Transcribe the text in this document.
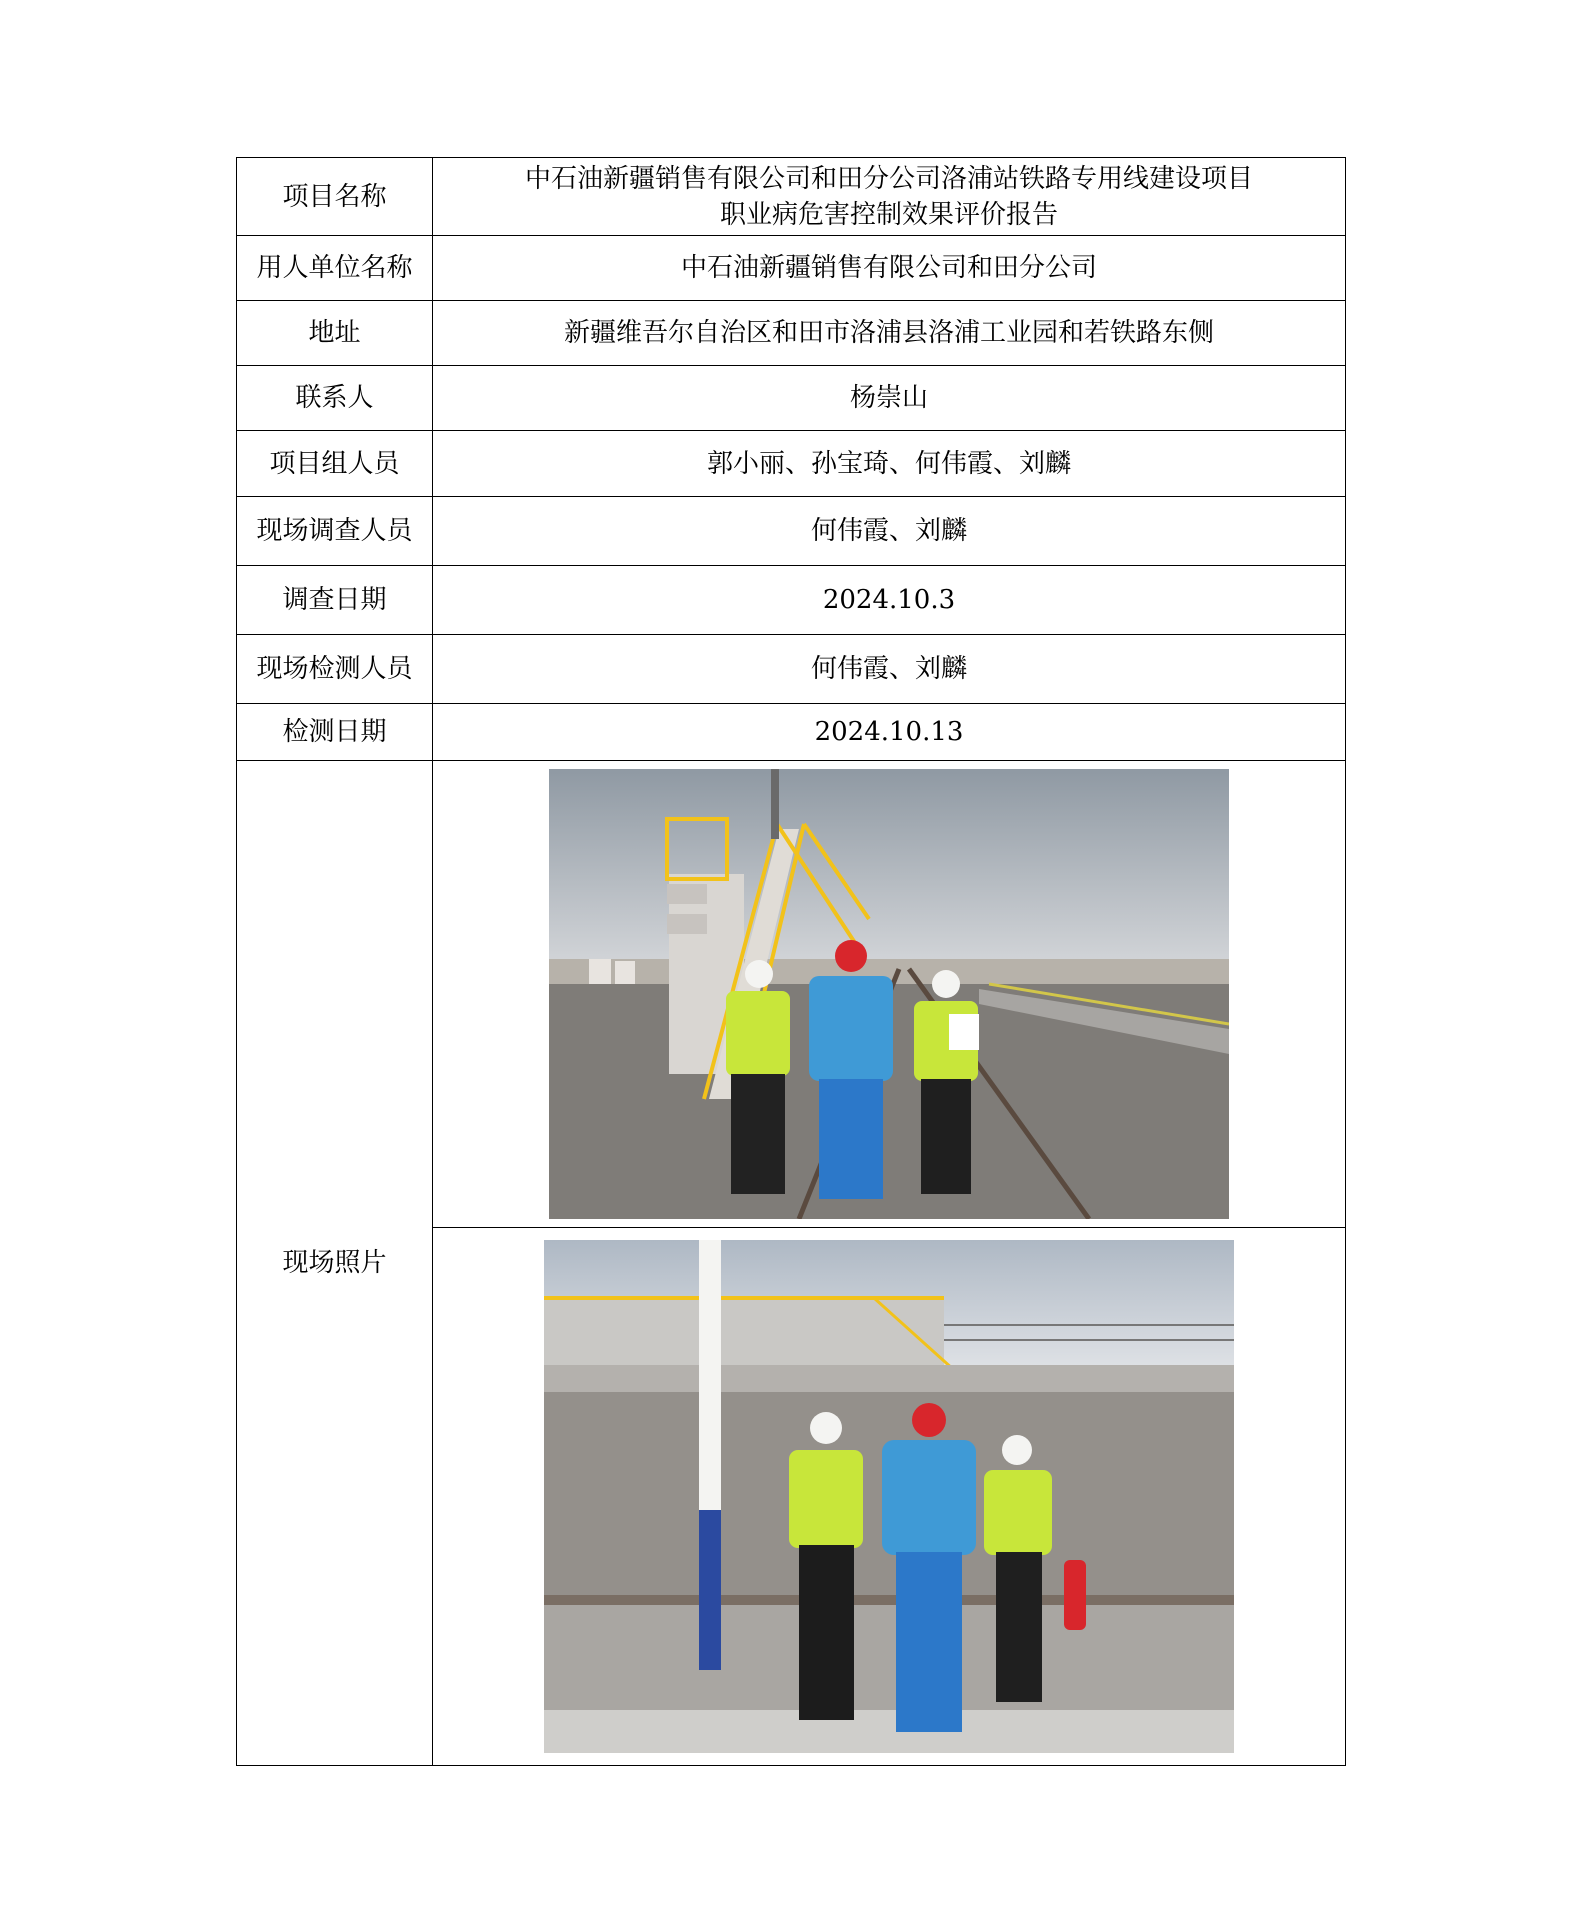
项目名称	中石油新疆销售有限公司和田分公司洛浦站铁路专用线建设项目
职业病危害控制效果评价报告

用人单位名称	中石油新疆销售有限公司和田分公司
地址	新疆维吾尔自治区和田市洛浦县洛浦工业园和若铁路东侧
联系人	杨崇山
项目组人员	郭小丽、孙宝琦、何伟霞、刘麟
现场调查人员	何伟霞、刘麟
调查日期	2024.10.3
现场检测人员	何伟霞、刘麟
检测日期	2024.10.13
现场照片	
